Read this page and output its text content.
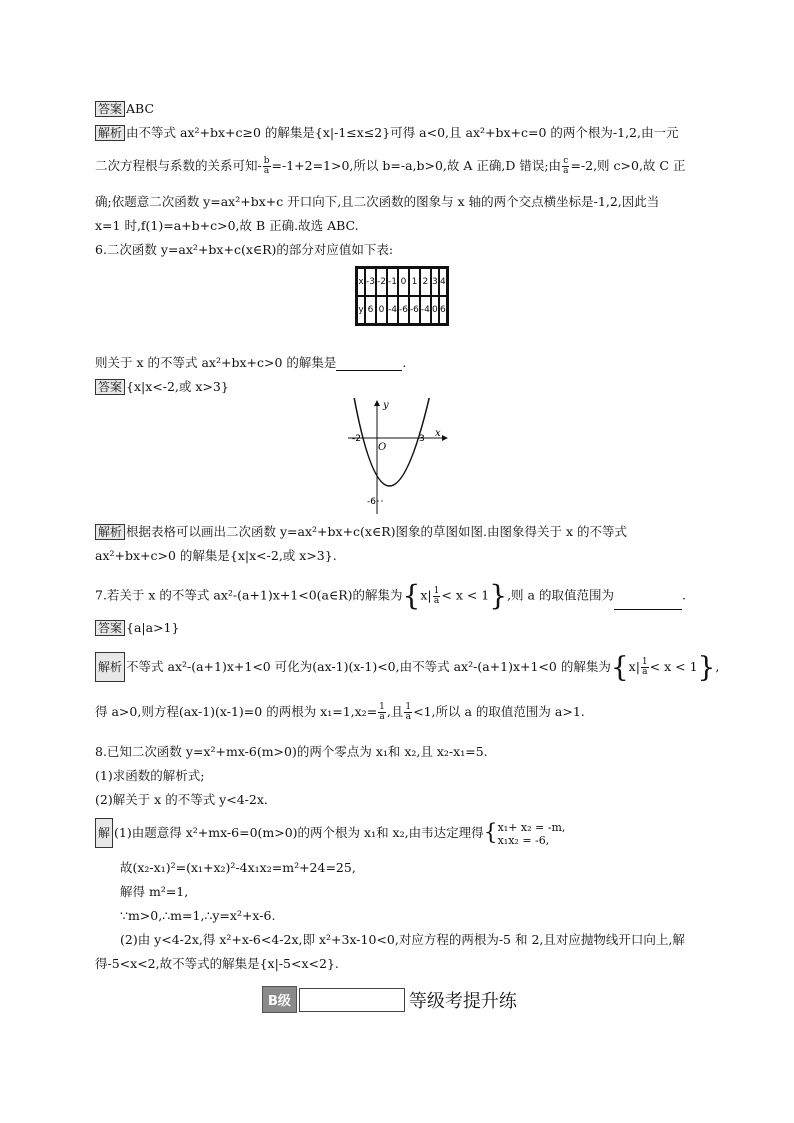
答案 ABC
解析 由不等式 ax²+bx+c≥0 的解集是{x|-1≤x≤2}可得 a<0,且 ax²+bx+c=0 的两个根为-1,2,由一元
二次方程根与系数的关系可知- $\frac{b}{a} =-1+2=1>0$,所以 b=-a,b>0,故 A 正确,D 错误;由 $\frac{c}{a} =-2$,则 c>0,故 C 正
确;依题意二次函数 y=ax²+bx+c 开口向下,且二次函数的图象与 x 轴的两个交点横坐标是-1,2,因此当
x=1 时,f(1)=a+b+c>0,故 B 正确.故选 ABC.
6.二次函数 y=ax²+bx+c(x∈R)的部分对应值如下表:
x	-3	-2	-1	0	1	2	3	4
y	6	0	-4	-6	-6	-4	0	6
则关于 x 的不等式 ax²+bx+c>0 的解集是	.
答案 {x|x<-2,或 x>3}
y
x
O
-2	3
-6
解析 根据表格可以画出二次函数 y=ax²+bx+c(x∈R)图象的草图如图.由图象得关于 x 的不等式
ax²+bx+c>0 的解集是{x|x<-2,或 x>3}.
7.若关于 x 的不等式 ax²-(a+1)x+1<0(a∈R)的解集为$\{x| \frac{1}{a} < x < 1\}$,则 a 的取值范围为	.
答案 {a|a>1}
解析 不等式 ax²-(a+1)x+1<0 可化为(ax-1)(x-1)<0,由不等式 ax²-(a+1)x+1<0 的解集为$\{x| \frac{1}{a} < x < 1\}$,
得 a>0,则方程(ax-1)(x-1)=0 的两根为 $x_1=1,x_2= \frac{1}{a}$ ,且 $\frac{1}{a} <1$,所以 a 的取值范围为 a>1.
8.已知二次函数 y=x²+mx-6(m>0)的两个零点为 x₁和 x₂,且 x₂-x₁=5.
(1)求函数的解析式;
(2)解关于 x 的不等式 y<4-2x.
解 (1)由题意得 x²+mx-6=0(m>0)的两个根为 x₁和 x₂,由韦达定理得{ x₁+ x₂ = -m,
x₁x₂ = -6,
故(x₂-x₁)²=(x₁+x₂)²-4x₁x₂=m²+24=25,
解得 m²=1,
∵m>0,∴m=1,∴y=x²+x-6.
(2)由 y<4-2x,得 x²+x-6<4-2x,即 x²+3x-10<0,对应方程的两根为-5 和 2,且对应抛物线开口向上,解
得-5<x<2,故不等式的解集是{x|-5<x<2}.
B级	等级考提升练
